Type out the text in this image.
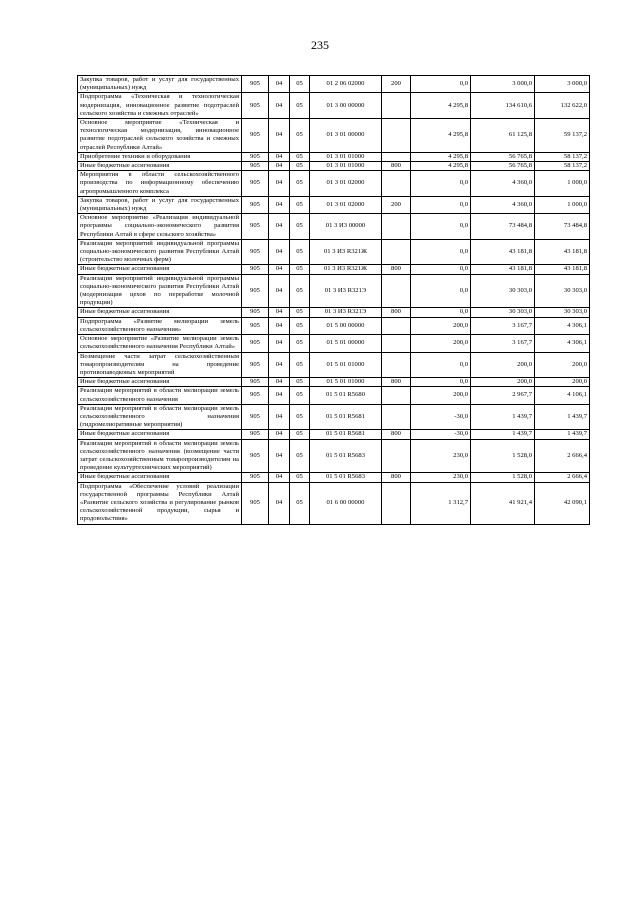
235
Закупка товаров, работ и услуг для государственных (муниципальных) нужд	905	04	05	01 2 06 02000	200	0,0	3 000,0	3 000,0
Подпрограмма «Техническая и технологическая модернизация, инновационное развитие подотраслей сельского хозяйства и смежных отраслей»	905	04	05	01 3 00 00000		4 295,8	134 610,6	132 622,0
Основное мероприятие «Техническая и технологическая модернизация, инновационное развитие подотраслей сельского хозяйства и смежных отраслей Республики Алтай»	905	04	05	01 3 01 00000		4 295,8	61 125,8	59 137,2
Приобретение техники и оборудования	905	04	05	01 3 01 01000		4 295,8	56 765,8	58 137,2
Иные бюджетные ассигнования	905	04	05	01 3 01 01000	800	4 295,8	56 765,8	58 137,2
Мероприятия в области сельскохозяйственного производства по информационному обеспечению агропромышленного комплекса	905	04	05	01 3 01 02000		0,0	4 360,0	1 000,0
Закупка товаров, работ и услуг для государственных (муниципальных) нужд	905	04	05	01 3 01 02000	200	0,0	4 360,0	1 000,0
Основное мероприятие «Реализация индивидуальной программы социально-экономического развития Республики Алтай в сфере сельского хозяйства»	905	04	05	01 3 И3 00000		0,0	73 484,8	73 484,8
Реализация мероприятий индивидуальной программы социально-экономического развития Республики Алтай (строительство молочных ферм)	905	04	05	01 3 И3 R321Ж		0,0	43 181,8	43 181,8
Иные бюджетные ассигнования	905	04	05	01 3 И3 R321Ж	800	0,0	43 181,8	43 181,8
Реализация мероприятий индивидуальной программы социально-экономического развития Республики Алтай (модернизация цехов по переработке молочной продукции)	905	04	05	01 3 И3 R321Э		0,0	30 303,0	30 303,0
Иные бюджетные ассигнования	905	04	05	01 3 И3 R321Э	800	0,0	30 303,0	30 303,0
Подпрограмма «Развитие мелиорации земель сельскохозяйственного назначения»	905	04	05	01 5 00 00000		200,0	3 167,7	4 306,1
Основное мероприятие «Развитие мелиорации земель сельскохозяйственного назначения Республики Алтай»	905	04	05	01 5 01 00000		200,0	3 167,7	4 306,1
Возмещение части затрат сельскохозяйственным товаропроизводителям на проведение противопаводковых мероприятий	905	04	05	01 5 01 01000		0,0	200,0	200,0
Иные бюджетные ассигнования	905	04	05	01 5 01 01000	800	0,0	200,0	200,0
Реализация мероприятий в области мелиорации земель сельскохозяйственного назначения	905	04	05	01 5 01 R5680		200,0	2 967,7	4 106,1
Реализация мероприятий в области мелиорации земель сельскохозяйственного назначения (гидромелиоративные мероприятия)	905	04	05	01 5 01 R5681		-30,0	1 439,7	1 439,7
Иные бюджетные ассигнования	905	04	05	01 5 01 R5681	800	-30,0	1 439,7	1 439,7
Реализация мероприятий в области мелиорации земель сельскохозяйственного назначения (возмещение части затрат сельскохозяйственным товаропроизводителям на проведение культуртехнических мероприятий)	905	04	05	01 5 01 R5683		230,0	1 528,0	2 666,4
Иные бюджетные ассигнования	905	04	05	01 5 01 R5683	800	230,0	1 528,0	2 666,4
Подпрограмма «Обеспечение условий реализации государственной программы Республики Алтай «Развитие сельского хозяйства и регулирование рынков сельскохозяйственной продукции, сырья и продовольствия»	905	04	05	01 6 00 00000		1 312,7	41 921,4	42 090,1
